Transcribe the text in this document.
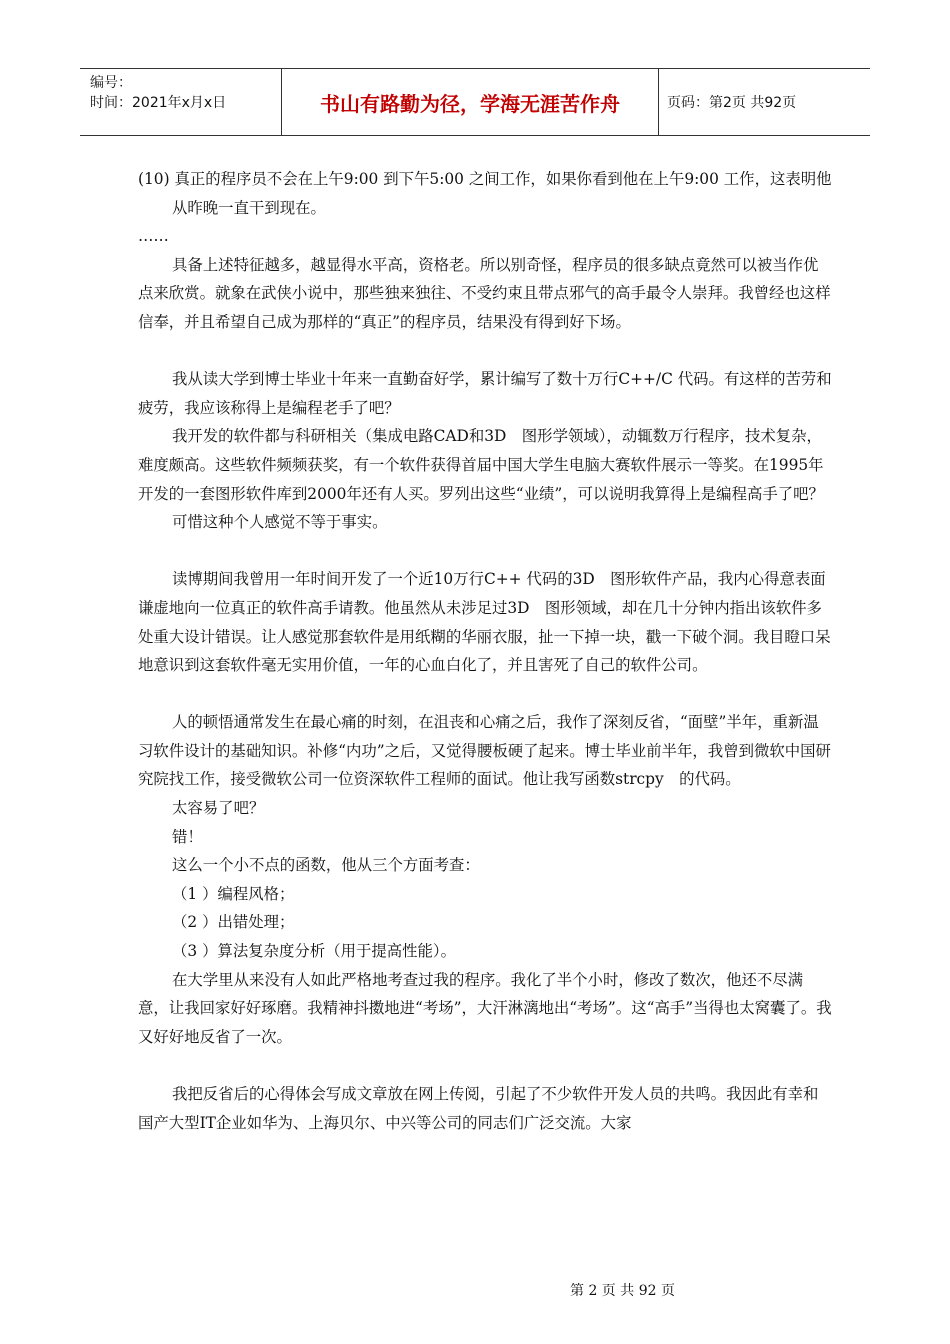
编号：
时间：2021年x月x日	书山有路勤为径，学海无涯苦作舟	页码：第2页 共92页

(10) 真正的程序员不会在上午9:00 到下午5:00 之间工作，如果你看到他在上午9:00 工作，这表明他从昨晚一直干到现在。

……

具备上述特征越多，越显得水平高，资格老。所以别奇怪，程序员的很多缺点竟然可以被当作优点来欣赏。就象在武侠小说中，那些独来独往、不受约束且带点邪气的高手最令人崇拜。我曾经也这样信奉，并且希望自己成为那样的“真正”的程序员，结果没有得到好下场。

我从读大学到博士毕业十年来一直勤奋好学，累计编写了数十万行C++/C 代码。有这样的苦劳和疲劳，我应该称得上是编程老手了吧？

我开发的软件都与科研相关（集成电路CAD和3D　图形学领域），动辄数万行程序，技术复杂，难度颇高。这些软件频频获奖，有一个软件获得首届中国大学生电脑大赛软件展示一等奖。在1995年开发的一套图形软件库到2000年还有人买。罗列出这些“业绩”，可以说明我算得上是编程高手了吧？

可惜这种个人感觉不等于事实。

读博期间我曾用一年时间开发了一个近10万行C++ 代码的3D　图形软件产品，我内心得意表面谦虚地向一位真正的软件高手请教。他虽然从未涉足过3D　图形领域，却在几十分钟内指出该软件多处重大设计错误。让人感觉那套软件是用纸糊的华丽衣服，扯一下掉一块，戳一下破个洞。我目瞪口呆地意识到这套软件毫无实用价值，一年的心血白化了，并且害死了自己的软件公司。

人的顿悟通常发生在最心痛的时刻，在沮丧和心痛之后，我作了深刻反省，“面壁”半年，重新温习软件设计的基础知识。补修“内功”之后，又觉得腰板硬了起来。博士毕业前半年，我曾到微软中国研究院找工作，接受微软公司一位资深软件工程师的面试。他让我写函数strcpy　的代码。

太容易了吧？

错！

这么一个小不点的函数，他从三个方面考查：

（1 ）编程风格；

（2 ）出错处理；

（3 ）算法复杂度分析（用于提高性能）。

在大学里从来没有人如此严格地考查过我的程序。我化了半个小时，修改了数次，他还不尽满意，让我回家好好琢磨。我精神抖擞地进“考场”，大汗淋漓地出“考场”。这“高手”当得也太窝囊了。我又好好地反省了一次。

我把反省后的心得体会写成文章放在网上传阅，引起了不少软件开发人员的共鸣。我因此有幸和国产大型IT企业如华为、上海贝尔、中兴等公司的同志们广泛交流。大家

第 2 页 共 92 页
